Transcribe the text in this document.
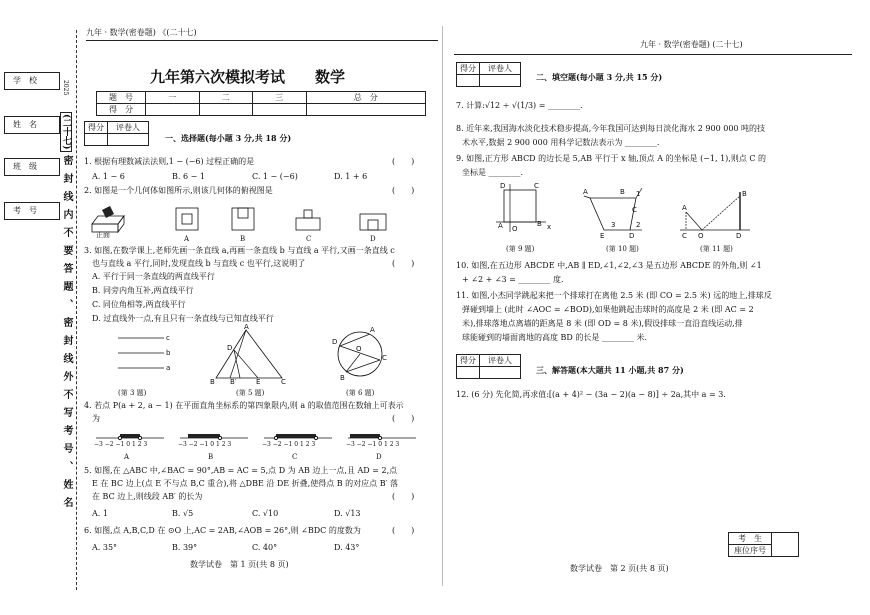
学　校
姓　名
班　级
考　号
2025
(二十七)
密封线内不要答题、密封线外不写考号、姓名
九年 · 数学(密卷题) 《(二十七)
九年第六次模拟考试　　数学
题　号	一	二	三	总　分
得　分				
得分	评卷人

一、选择题(每小题 3 分,共 18 分)
1. 根据有理数减法法则,1 − (−6) 过程正确的是	(　　)
A. 1 − 6	B. 6 − 1	C. 1 − (−6)	D. 1 + 6
2. 如图是一个几何体如图所示,则该几何体的俯视图是	(　　)
正面	A	B	C	D
3. 如图,在数学课上,老师先画一条直线 a,再画一条直线 b 与直线 a 平行,又画一条直线 c
也与直线 a 平行,同时,发现直线 b 与直线 c 也平行,这说明了	(　　)
A. 平行于同一条直线的两直线平行
B. 同旁内角互补,两直线平行
C. 同位角相等,两直线平行
D. 过直线外一点,有且只有一条直线与已知直线平行
c
b
a
B B′	E	C
A
D
D
C
B
O
A
(第 3 题)	(第 5 题)	(第 6 题)
4. 若点 P(a + 2, a − 1) 在平面直角坐标系的第四象限内,则 a 的取值范围在数轴上可表示
为	(　　)
−3 −2 −1 0 1 2 3	−3 −2 −1 0 1 2 3	−3 −2 −1 0 1 2 3	−3 −2 −1 0 1 2 3
A	B	C	D
5. 如图,在 △ABC 中,∠BAC = 90°,AB = AC = 5,点 D 为 AB 边上一点,且 AD = 2,点
E 在 BC 边上(点 E 不与点 B,C 重合),将 △DBE 沿 DE 折叠,使得点 B 的对应点 B′ 落
在 BC 边上,则线段 AB′ 的长为	(　　)
A. 1	B. √5	C. √10	D. √13
6. 如图,点 A,B,C,D 在 ⊙O 上,AC = 2AB,∠AOB = 26°,则 ∠BDC 的度数为	(　　)
A. 35°	B. 39°	C. 40°	D. 43°
数学试卷　第 1 页(共 8 页)
九年 · 数学(密卷题) (二十七)
得分	评卷人

二、填空题(每小题 3 分,共 15 分)
7. 计算:√12 ÷ √(1/3) = ________.
8. 近年来,我国海水淡化技术稳步提高,今年我国可达到每日淡化海水 2 900 000 吨的技
术水平,数据 2 900 000 用科学记数法表示为 ________.
9. 如图,正方形 ABCD 的边长是 5,AB 平行于 x 轴,顶点 A 的坐标是 (−1, 1),则点 C 的
坐标是 ________.
A	B
C
D
O	x
A	B
C
D
E
1
2
3
A
C O	D
B
(第 9 题)	(第 10 题)	(第 11 题)
10. 如图,在五边形 ABCDE 中,AB ∥ ED,∠1,∠2,∠3 是五边形 ABCDE 的外角,则 ∠1
+ ∠2 + ∠3 = ________ 度.
11. 如图,小杰同学跳起来把一个排球打在离他 2.5 米 (即 CO = 2.5 米) 远的地上,排球反
弹碰到墙上 (此时 ∠AOC = ∠BOD),如果他跳起击球时的高度是 2 米 (即 AC = 2
米),排球落地点离墙的距离是 8 米 (即 OD = 8 米),假设排球一直沿直线运动,排
球能碰到的墙面离地的高度 BD 的长是 ________ 米.
得分	评卷人

三、解答题(本大题共 11 小题,共 87 分)
12. (6 分) 先化简,再求值:[(a + 4)² − (3a − 2)(a − 8)] ÷ 2a,其中 a = 3.
考　生	
座位序号
数学试卷　第 2 页(共 8 页)
